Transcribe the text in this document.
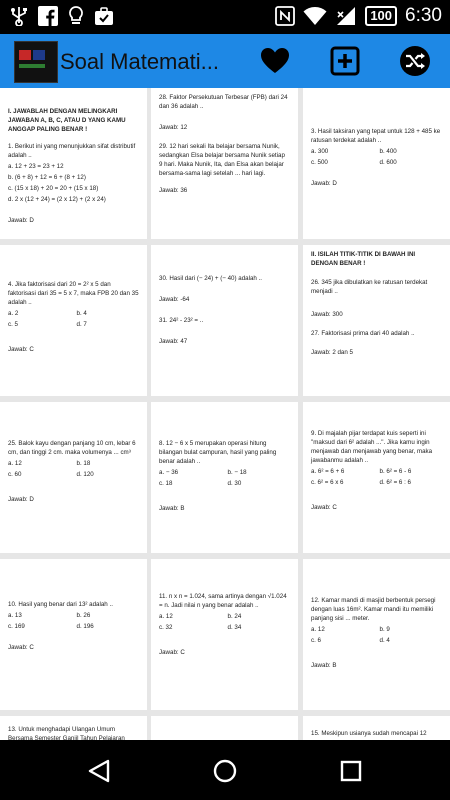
100 6:30
Soal Matemati...

I. JAWABLAH DENGAN MELINGKARI JAWABAN A, B, C, ATAU D YANG KAMU ANGGAP PALING BENAR !

1. Berikut ini yang menunjukkan sifat distributif adalah ..

a. 12 + 23 = 23 + 12

b. (6 + 8) + 12 = 6 + (8 + 12)

c. (15 x 18) + 20 = 20 + (15 x 18)

d. 2 x (12 + 24) = (2 x 12) + (2 x 24)

Jawab: D

28. Faktor Persekutuan Terbesar (FPB) dari 24 dan 36 adalah ..

Jawab: 12

29. 12 hari sekali Ita belajar bersama Nunik, sedangkan Elsa belajar bersama Nunik setiap 9 hari. Maka Nunik, Ita, dan Elsa akan belajar bersama-sama lagi setelah ... hari lagi.

Jawab: 36

3. Hasil taksiran yang tepat untuk 128 + 485 ke ratusan terdekat adalah ..

a. 300	b. 400

c. 500	d. 600

Jawab: D

4. Jika faktorisasi dari 20 = 2² x 5 dan faktorisasi dari 35 = 5 x 7, maka FPB 20 dan 35 adalah ..

a. 2	b. 4

c. 5	d. 7

Jawab: C

30. Hasil dari (− 24) + (− 40) adalah ..

Jawab: -64

31. 24² - 23² = ..

Jawab: 47

II. ISILAH TITIK-TITIK DI BAWAH INI DENGAN BENAR !

26. 345 jika dibulatkan ke ratusan terdekat menjadi ..

Jawab: 300

27. Faktorisasi prima dari 40 adalah ..

Jawab: 2 dan 5

25. Balok kayu dengan panjang 10 cm, lebar 6 cm, dan tinggi 2 cm. maka volumenya ... cm³

a. 12	b. 18

c. 60	d. 120

Jawab: D

8. 12 − 6 x 5 merupakan operasi hitung bilangan bulat campuran, hasil yang paling benar adalah ..

a. − 36	b. − 18

c. 18	d. 30

Jawab: B

9. Di majalah pijar terdapat kuis seperti ini "maksud dari 6² adalah ...". Jika kamu ingin menjawab dan menjawab yang benar, maka jawabanmu adalah ..

a. 6² = 6 + 6	b. 6² = 6 - 6

c. 6² = 6 x 6	d. 6² = 6 : 6

Jawab: C

10. Hasil yang benar dari 13² adalah ..

a. 13	b. 26

c. 169	d. 196

Jawab: C

11. n x n = 1.024, sama artinya dengan √1.024 = n. Jadi nilai n yang benar adalah ..

a. 12	b. 24

c. 32	d. 34

Jawab: C

12. Kamar mandi di masjid berbentuk persegi dengan luas 16m². Kamar mandi itu memiliki panjang sisi ... meter.

a. 12	b. 9

c. 6	d. 4

Jawab: B

13. Untuk menghadapi Ulangan Umum Bersama Semester Ganjil Tahun Pelajaran

15. Meskipun usianya sudah mencapai 12
